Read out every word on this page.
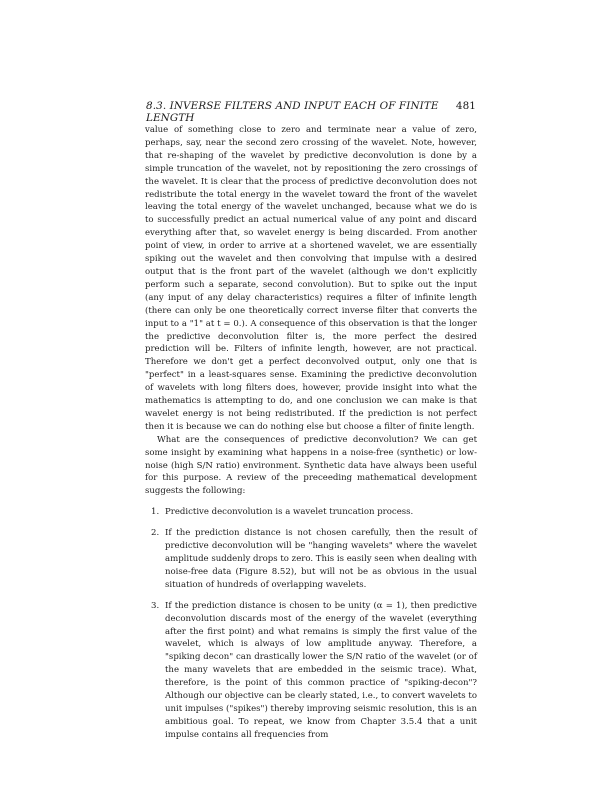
8.3. INVERSE FILTERS AND INPUT EACH OF FINITE LENGTH
481

value of something close to zero and terminate near a value of zero, perhaps, say, near the second zero crossing of the wavelet. Note, however, that re-shaping of the wavelet by predictive deconvolution is done by a simple truncation of the wavelet, not by repositioning the zero crossings of the wavelet. It is clear that the process of predictive deconvolution does not redistribute the total energy in the wavelet toward the front of the wavelet leaving the total energy of the wavelet unchanged, because what we do is to successfully predict an actual numerical value of any point and discard everything after that, so wavelet energy is being discarded. From another point of view, in order to arrive at a shortened wavelet, we are essentially spiking out the wavelet and then convolving that impulse with a desired output that is the front part of the wavelet (although we don't explicitly perform such a separate, second convolution). But to spike out the input (any input of any delay characteristics) requires a filter of infinite length (there can only be one theoretically correct inverse filter that converts the input to a "1" at t = 0.). A consequence of this observation is that the longer the predictive deconvolution filter is, the more perfect the desired prediction will be. Filters of infinite length, however, are not practical. Therefore we don't get a perfect deconvolved output, only one that is "perfect" in a least-squares sense. Examining the predictive deconvolution of wavelets with long filters does, however, provide insight into what the mathematics is attempting to do, and one conclusion we can make is that wavelet energy is not being redistributed. If the prediction is not perfect then it is because we can do nothing else but choose a filter of finite length.

What are the consequences of predictive deconvolution? We can get some insight by examining what happens in a noise-free (synthetic) or low-noise (high S/N ratio) environment. Synthetic data have always been useful for this purpose. A review of the preceeding mathematical development suggests the following:

1. Predictive deconvolution is a wavelet truncation process.
2. If the prediction distance is not chosen carefully, then the result of predictive deconvolution will be "hanging wavelets" where the wavelet amplitude suddenly drops to zero. This is easily seen when dealing with noise-free data (Figure 8.52), but will not be as obvious in the usual situation of hundreds of overlapping wavelets.
3. If the prediction distance is chosen to be unity (α = 1), then predictive deconvolution discards most of the energy of the wavelet (everything after the first point) and what remains is simply the first value of the wavelet, which is always of low amplitude anyway. Therefore, a "spiking decon" can drastically lower the S/N ratio of the wavelet (or of the many wavelets that are embedded in the seismic trace). What, therefore, is the point of this common practice of "spiking-decon"? Although our objective can be clearly stated, i.e., to convert wavelets to unit impulses ("spikes") thereby improving seismic resolution, this is an ambitious goal. To repeat, we know from Chapter 3.5.4 that a unit impulse contains all frequencies from
